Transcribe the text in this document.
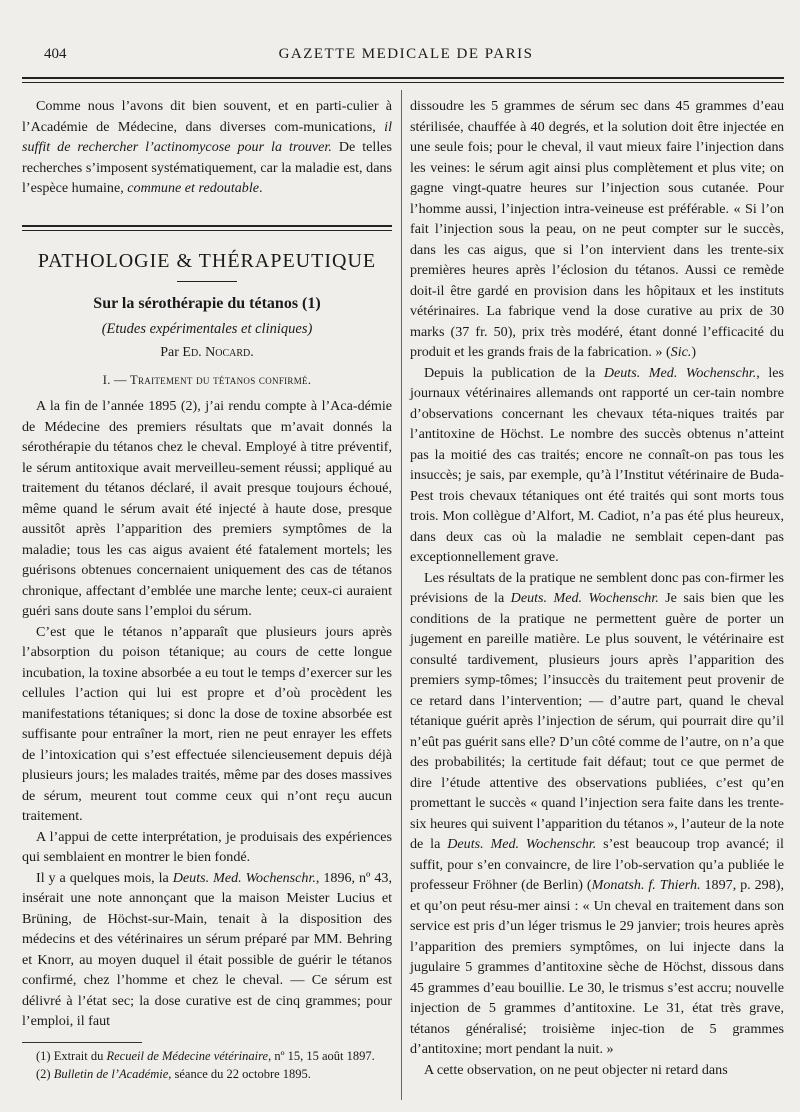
404	GAZETTE MEDICALE DE PARIS

Comme nous l’avons dit bien souvent, et en parti-culier à l’Académie de Médecine, dans diverses com-munications, il suffit de rechercher l’actinomycose pour la trouver. De telles recherches s’imposent systématiquement, car la maladie est, dans l’espèce humaine, commune et redoutable.

PATHOLOGIE & THÉRAPEUTIQUE
Sur la sérothérapie du tétanos (1)
(Etudes expérimentales et cliniques)
Par Ed. Nocard.
I. — Traitement du tétanos confirmé.

A la fin de l’année 1895 (2), j’ai rendu compte à l’Aca-démie de Médecine des premiers résultats que m’avait donnés la sérothérapie du tétanos chez le cheval. Employé à titre préventif, le sérum antitoxique avait merveilleu-sement réussi; appliqué au traitement du tétanos déclaré, il avait presque toujours échoué, même quand le sérum avait été injecté à haute dose, presque aussitôt après l’apparition des premiers symptômes de la maladie; tous les cas aigus avaient été fatalement mortels; les guérisons obtenues concernaient uniquement des cas de tétanos chronique, affectant d’emblée une marche lente; ceux-ci auraient guéri sans doute sans l’emploi du sérum.

C’est que le tétanos n’apparaît que plusieurs jours après l’absorption du poison tétanique; au cours de cette longue incubation, la toxine absorbée a eu tout le temps d’exercer sur les cellules l’action qui lui est propre et d’où procèdent les manifestations tétaniques; si donc la dose de toxine absorbée est suffisante pour entraîner la mort, rien ne peut enrayer les effets de l’intoxication qui s’est effectuée silencieusement depuis déjà plusieurs jours; les malades traités, même par des doses massives de sérum, meurent tout comme ceux qui n’ont reçu aucun traitement.

A l’appui de cette interprétation, je produisais des expériences qui semblaient en montrer le bien fondé.

Il y a quelques mois, la Deuts. Med. Wochenschr., 1896, nº 43, insérait une note annonçant que la maison Meister Lucius et Brüning, de Höchst-sur-Main, tenait à la disposition des médecins et des vétérinaires un sérum préparé par MM. Behring et Knorr, au moyen duquel il était possible de guérir le tétanos confirmé, chez l’homme et chez le cheval. — Ce sérum est délivré à l’état sec; la dose curative est de cinq grammes; pour l’emploi, il faut

(1) Extrait du Recueil de Médecine vétérinaire, nº 15, 15 août 1897.

(2) Bulletin de l’Académie, séance du 22 octobre 1895.

dissoudre les 5 grammes de sérum sec dans 45 grammes d’eau stérilisée, chauffée à 40 degrés, et la solution doit être injectée en une seule fois; pour le cheval, il vaut mieux faire l’injection dans les veines: le sérum agit ainsi plus complètement et plus vite; on gagne vingt-quatre heures sur l’injection sous cutanée. Pour l’homme aussi, l’injection intra-veineuse est préférable. « Si l’on fait l’injection sous la peau, on ne peut compter sur le succès, dans les cas aigus, que si l’on intervient dans les trente-six premières heures après l’éclosion du tétanos. Aussi ce remède doit-il être gardé en provision dans les hôpitaux et les instituts vétérinaires. La fabrique vend la dose curative au prix de 30 marks (37 fr. 50), prix très modéré, étant donné l’efficacité du produit et les grands frais de la fabrication. » (Sic.)

Depuis la publication de la Deuts. Med. Wochenschr., les journaux vétérinaires allemands ont rapporté un cer-tain nombre d’observations concernant les chevaux téta-niques traités par l’antitoxine de Höchst. Le nombre des succès obtenus n’atteint pas la moitié des cas traités; encore ne connaît-on pas tous les insuccès; je sais, par exemple, qu’à l’Institut vétérinaire de Buda-Pest trois chevaux tétaniques ont été traités qui sont morts tous trois. Mon collègue d’Alfort, M. Cadiot, n’a pas été plus heureux, dans deux cas où la maladie ne semblait cepen-dant pas exceptionnellement grave.

Les résultats de la pratique ne semblent donc pas con-firmer les prévisions de la Deuts. Med. Wochenschr. Je sais bien que les conditions de la pratique ne permettent guère de porter un jugement en pareille matière. Le plus souvent, le vétérinaire est consulté tardivement, plusieurs jours après l’apparition des premiers symp-tômes; l’insuccès du traitement peut provenir de ce retard dans l’intervention; — d’autre part, quand le cheval tétanique guérit après l’injection de sérum, qui pourrait dire qu’il n’eût pas guérit sans elle? D’un côté comme de l’autre, on n’a que des probabilités; la certitude fait défaut; tout ce que permet de dire l’étude attentive des observations publiées, c’est qu’en promettant le succès « quand l’injection sera faite dans les trente-six heures qui suivent l’apparition du tétanos », l’auteur de la note de la Deuts. Med. Wochenschr. s’est beaucoup trop avancé; il suffit, pour s’en convaincre, de lire l’ob-servation qu’a publiée le professeur Fröhner (de Berlin) (Monatsh. f. Thierh. 1897, p. 298), et qu’on peut résu-mer ainsi : « Un cheval en traitement dans son service est pris d’un léger trismus le 29 janvier; trois heures après l’apparition des premiers symptômes, on lui injecte dans la jugulaire 5 grammes d’antitoxine sèche de Höchst, dissous dans 45 grammes d’eau bouillie. Le 30, le trismus s’est accru; nouvelle injection de 5 grammes d’antitoxine. Le 31, état très grave, tétanos généralisé; troisième injec-tion de 5 grammes d’antitoxine; mort pendant la nuit. »

A cette observation, on ne peut objecter ni retard dans
